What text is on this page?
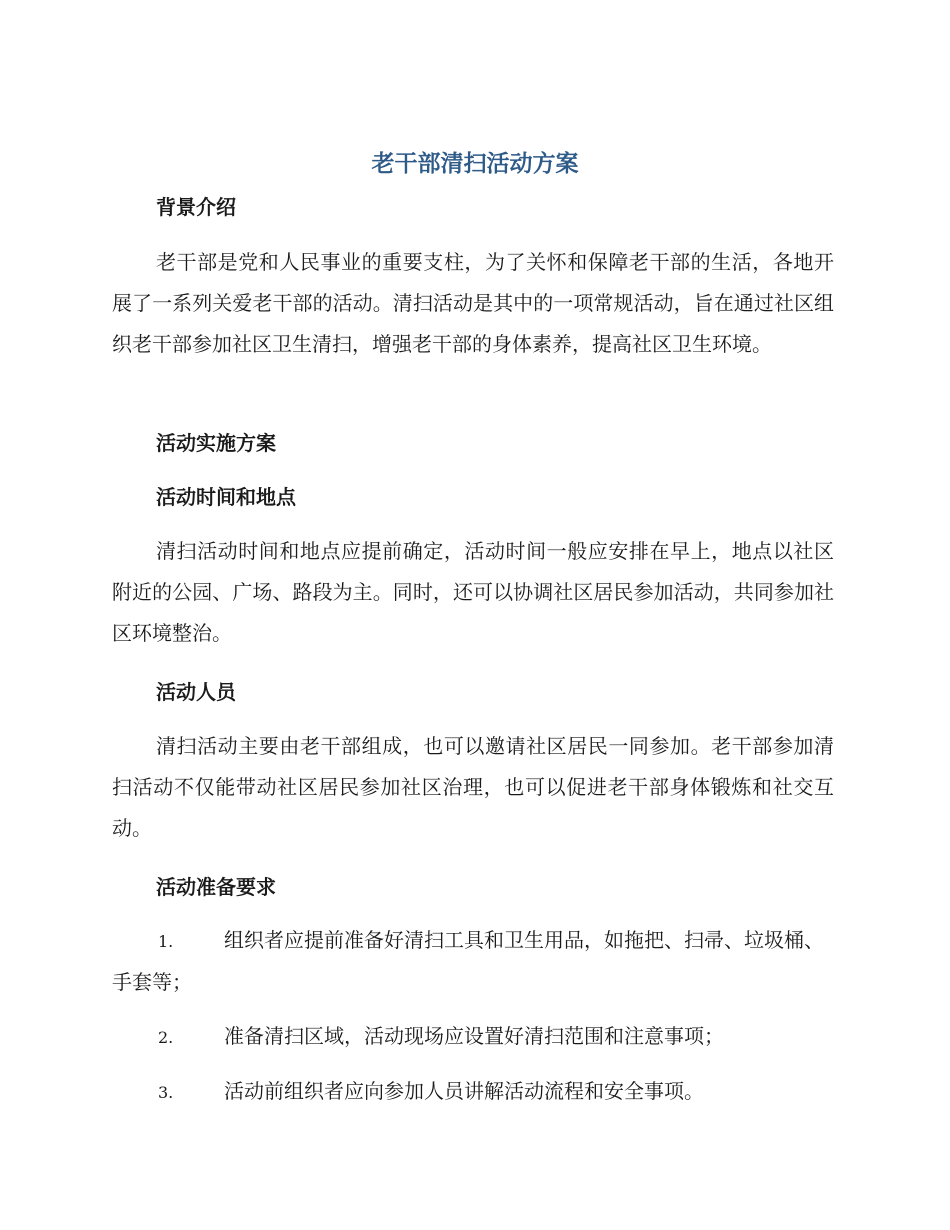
老干部清扫活动方案
背景介绍

老干部是党和人民事业的重要支柱，为了关怀和保障老干部的生活，各地开展了一系列关爱老干部的活动。清扫活动是其中的一项常规活动，旨在通过社区组织老干部参加社区卫生清扫，增强老干部的身体素养，提高社区卫生环境。

活动实施方案
活动时间和地点

清扫活动时间和地点应提前确定，活动时间一般应安排在早上，地点以社区附近的公园、广场、路段为主。同时，还可以协调社区居民参加活动，共同参加社区环境整治。

活动人员

清扫活动主要由老干部组成，也可以邀请社区居民一同参加。老干部参加清扫活动不仅能带动社区居民参加社区治理，也可以促进老干部身体锻炼和社交互动。

活动准备要求

1.	组织者应提前准备好清扫工具和卫生用品，如拖把、扫帚、垃圾桶、手套等；

2.	准备清扫区域，活动现场应设置好清扫范围和注意事项；

3.	活动前组织者应向参加人员讲解活动流程和安全事项。
